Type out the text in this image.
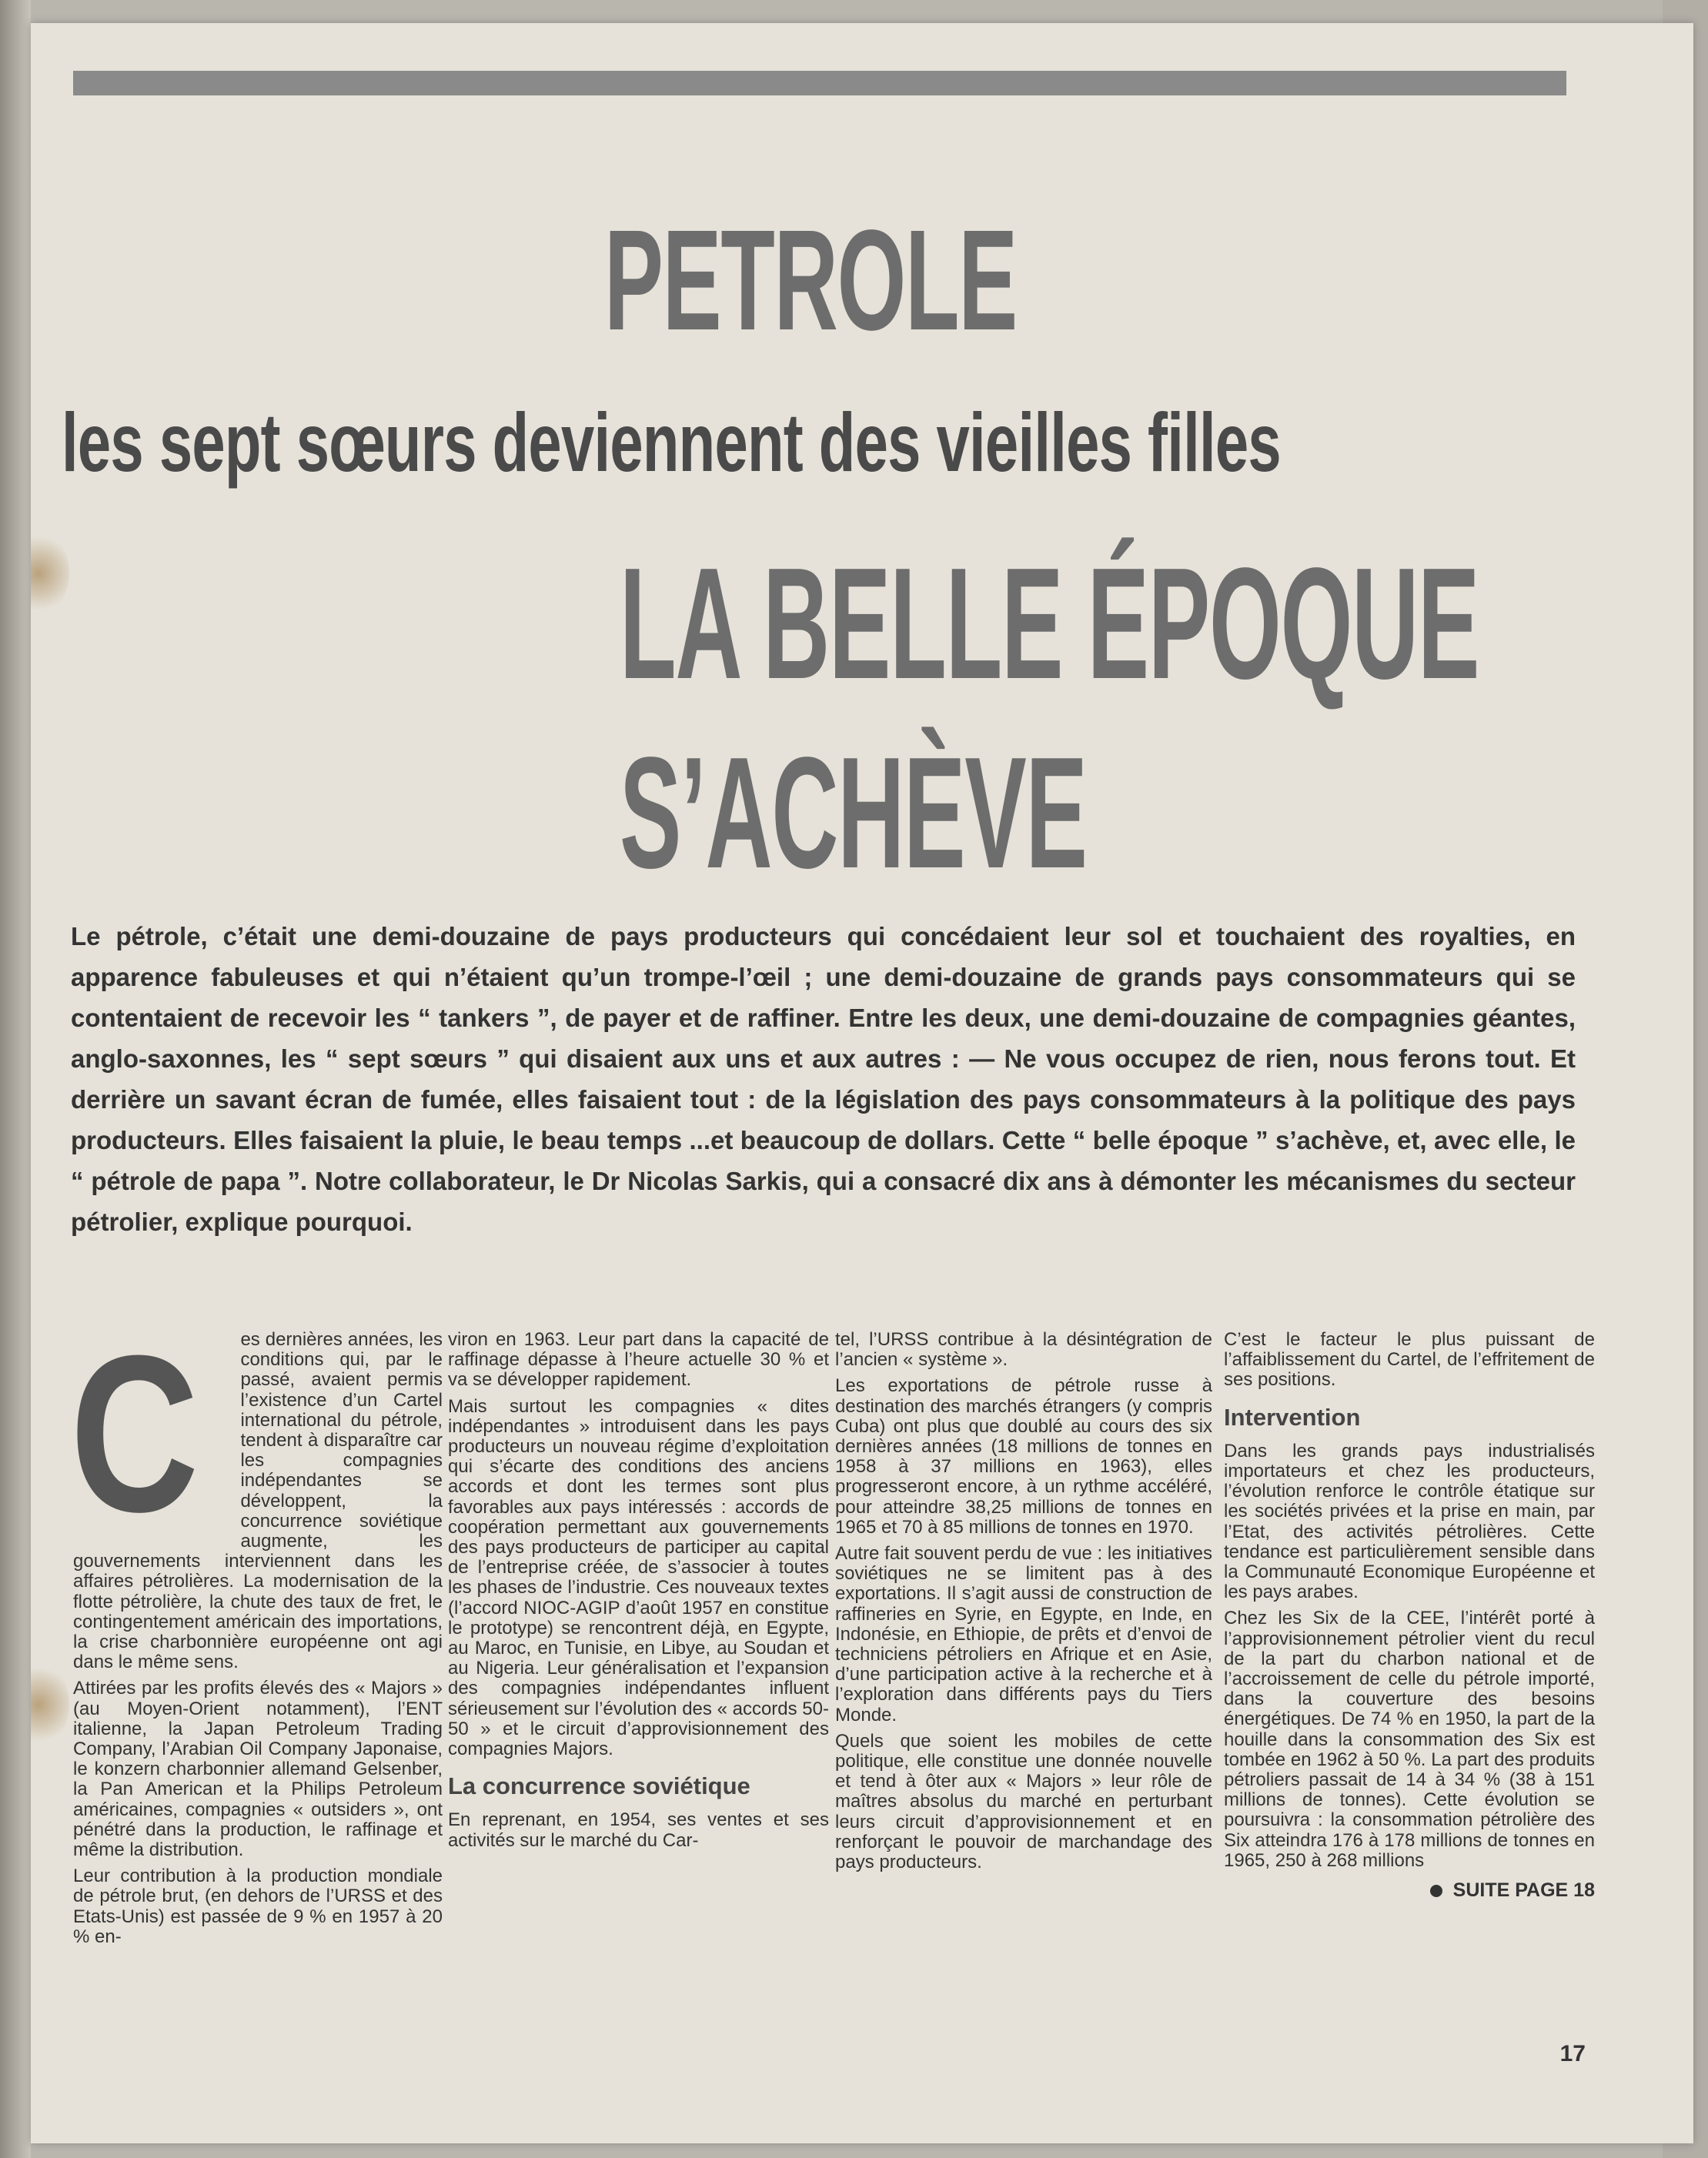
PETROLE
les sept sœurs deviennent des vieilles filles
LA BELLE ÉPOQUE
S’ACHÈVE

Le pétrole, c’était une demi-douzaine de pays producteurs qui concédaient leur sol et touchaient des royalties, en apparence fabuleuses et qui n’étaient qu’un trompe-l’œil ; une demi-douzaine de grands pays consommateurs qui se contentaient de recevoir les “ tankers ”, de payer et de raffiner. Entre les deux, une demi-douzaine de compagnies géantes, anglo-saxonnes, les “ sept sœurs ” qui disaient aux uns et aux autres : — Ne vous occupez de rien, nous ferons tout. Et derrière un savant écran de fumée, elles faisaient tout : de la législation des pays consommateurs à la politique des pays producteurs. Elles faisaient la pluie, le beau temps ...et beaucoup de dollars. Cette “ belle époque ” s’achève, et, avec elle, le “ pétrole de papa ”. Notre collaborateur, le Dr Nicolas Sarkis, qui a consacré dix ans à démonter les mécanismes du secteur pétrolier, explique pourquoi.

C	es dernières années, les conditions qui, par le passé, avaient permis l’existence d’un Cartel international du pétrole, tendent à disparaître car les compagnies indépendantes se développent, la concurrence soviétique augmente, les gouvernements interviennent dans les affaires pétrolières. La modernisation de la flotte pétrolière, la chute des taux de fret, le contingentement américain des importations, la crise charbonnière européenne ont agi dans le même sens.

Attirées par les profits élevés des « Majors » (au Moyen-Orient notamment), l’ENT italienne, la Japan Petroleum Trading Company, l’Arabian Oil Company Japonaise, le konzern charbonnier allemand Gelsenber, la Pan American et la Philips Petroleum américaines, compagnies « outsiders », ont pénétré dans la production, le raffinage et même la distribution.

Leur contribution à la production mondiale de pétrole brut, (en dehors de l’URSS et des Etats-Unis) est passée de 9 % en 1957 à 20 % en-

viron en 1963. Leur part dans la capacité de raffinage dépasse à l’heure actuelle 30 % et va se développer rapidement.

Mais surtout les compagnies « dites indépendantes » introduisent dans les pays producteurs un nouveau régime d’exploitation qui s’écarte des conditions des anciens accords et dont les termes sont plus favorables aux pays intéressés : accords de coopération permettant aux gouvernements des pays producteurs de participer au capital de l’entreprise créée, de s’associer à toutes les phases de l’industrie. Ces nouveaux textes (l’accord NIOC-AGIP d’août 1957 en constitue le prototype) se rencontrent déjà, en Egypte, au Maroc, en Tunisie, en Libye, au Soudan et au Nigeria. Leur généralisation et l’expansion des compagnies indépendantes influent sérieusement sur l’évolution des « accords 50-50 » et le circuit d’approvisionnement des compagnies Majors.

La concurrence soviétique

En reprenant, en 1954, ses ventes et ses activités sur le marché du Car-

tel, l’URSS contribue à la désintégration de l’ancien « système ».

Les exportations de pétrole russe à destination des marchés étrangers (y compris Cuba) ont plus que doublé au cours des six dernières années (18 millions de tonnes en 1958 à 37 millions en 1963), elles progresseront encore, à un rythme accéléré, pour atteindre 38,25 millions de tonnes en 1965 et 70 à 85 millions de tonnes en 1970.

Autre fait souvent perdu de vue : les initiatives soviétiques ne se limitent pas à des exportations. Il s’agit aussi de construction de raffineries en Syrie, en Egypte, en Inde, en Indonésie, en Ethiopie, de prêts et d’envoi de techniciens pétroliers en Afrique et en Asie, d’une participation active à la recherche et à l’exploration dans différents pays du Tiers Monde.

Quels que soient les mobiles de cette politique, elle constitue une donnée nouvelle et tend à ôter aux « Majors » leur rôle de maîtres absolus du marché en perturbant leurs circuit d’approvisionnement et en renforçant le pouvoir de marchandage des pays producteurs.

C’est le facteur le plus puissant de l’affaiblissement du Cartel, de l’effritement de ses positions.

Intervention

Dans les grands pays industrialisés importateurs et chez les producteurs, l’évolution renforce le contrôle étatique sur les sociétés privées et la prise en main, par l’Etat, des activités pétrolières. Cette tendance est particulièrement sensible dans la Communauté Economique Européenne et les pays arabes.

Chez les Six de la CEE, l’intérêt porté à l’approvisionnement pétrolier vient du recul de la part du charbon national et de l’accroissement de celle du pétrole importé, dans la couverture des besoins énergétiques. De 74 % en 1950, la part de la houille dans la consommation des Six est tombée en 1962 à 50 %. La part des produits pétroliers passait de 14 à 34 % (38 à 151 millions de tonnes). Cette évolution se poursuivra : la consommation pétrolière des Six atteindra 176 à 178 millions de tonnes en 1965, 250 à 268 millions

SUITE PAGE 18
17
